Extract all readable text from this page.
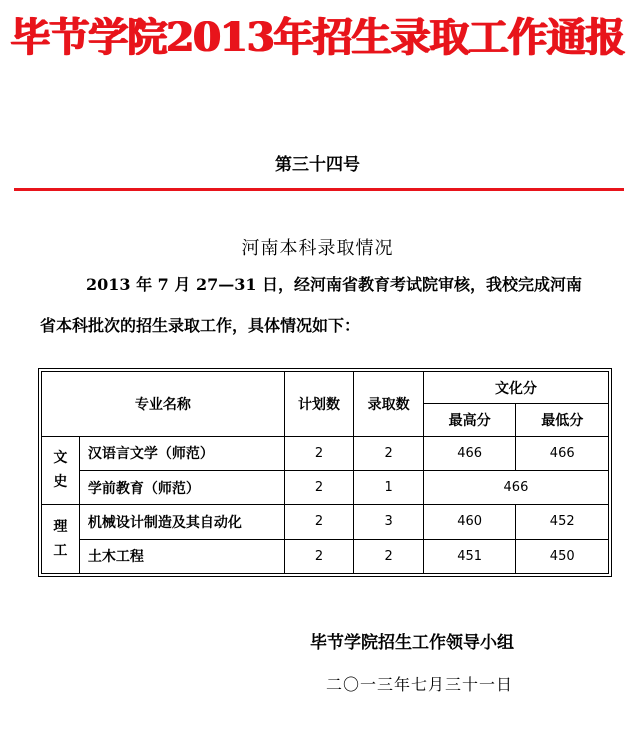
毕节学院2013年招生录取工作通报
第三十四号
河南本科录取情况
2013 年 7 月 27—31 日，经河南省教育考试院审核，我校完成河南
省本科批次的招生录取工作，具体情况如下：
专业名称		计划数	录取数	文化分	
				最高分	最低分
文史	汉语言文学（师范）	2	2	466	466
	学前教育（师范）	2	1	466	
理工	机械设计制造及其自动化	2	3	460	452
	土木工程	2	2	451	450
毕节学院招生工作领导小组
二〇一三年七月三十一日
